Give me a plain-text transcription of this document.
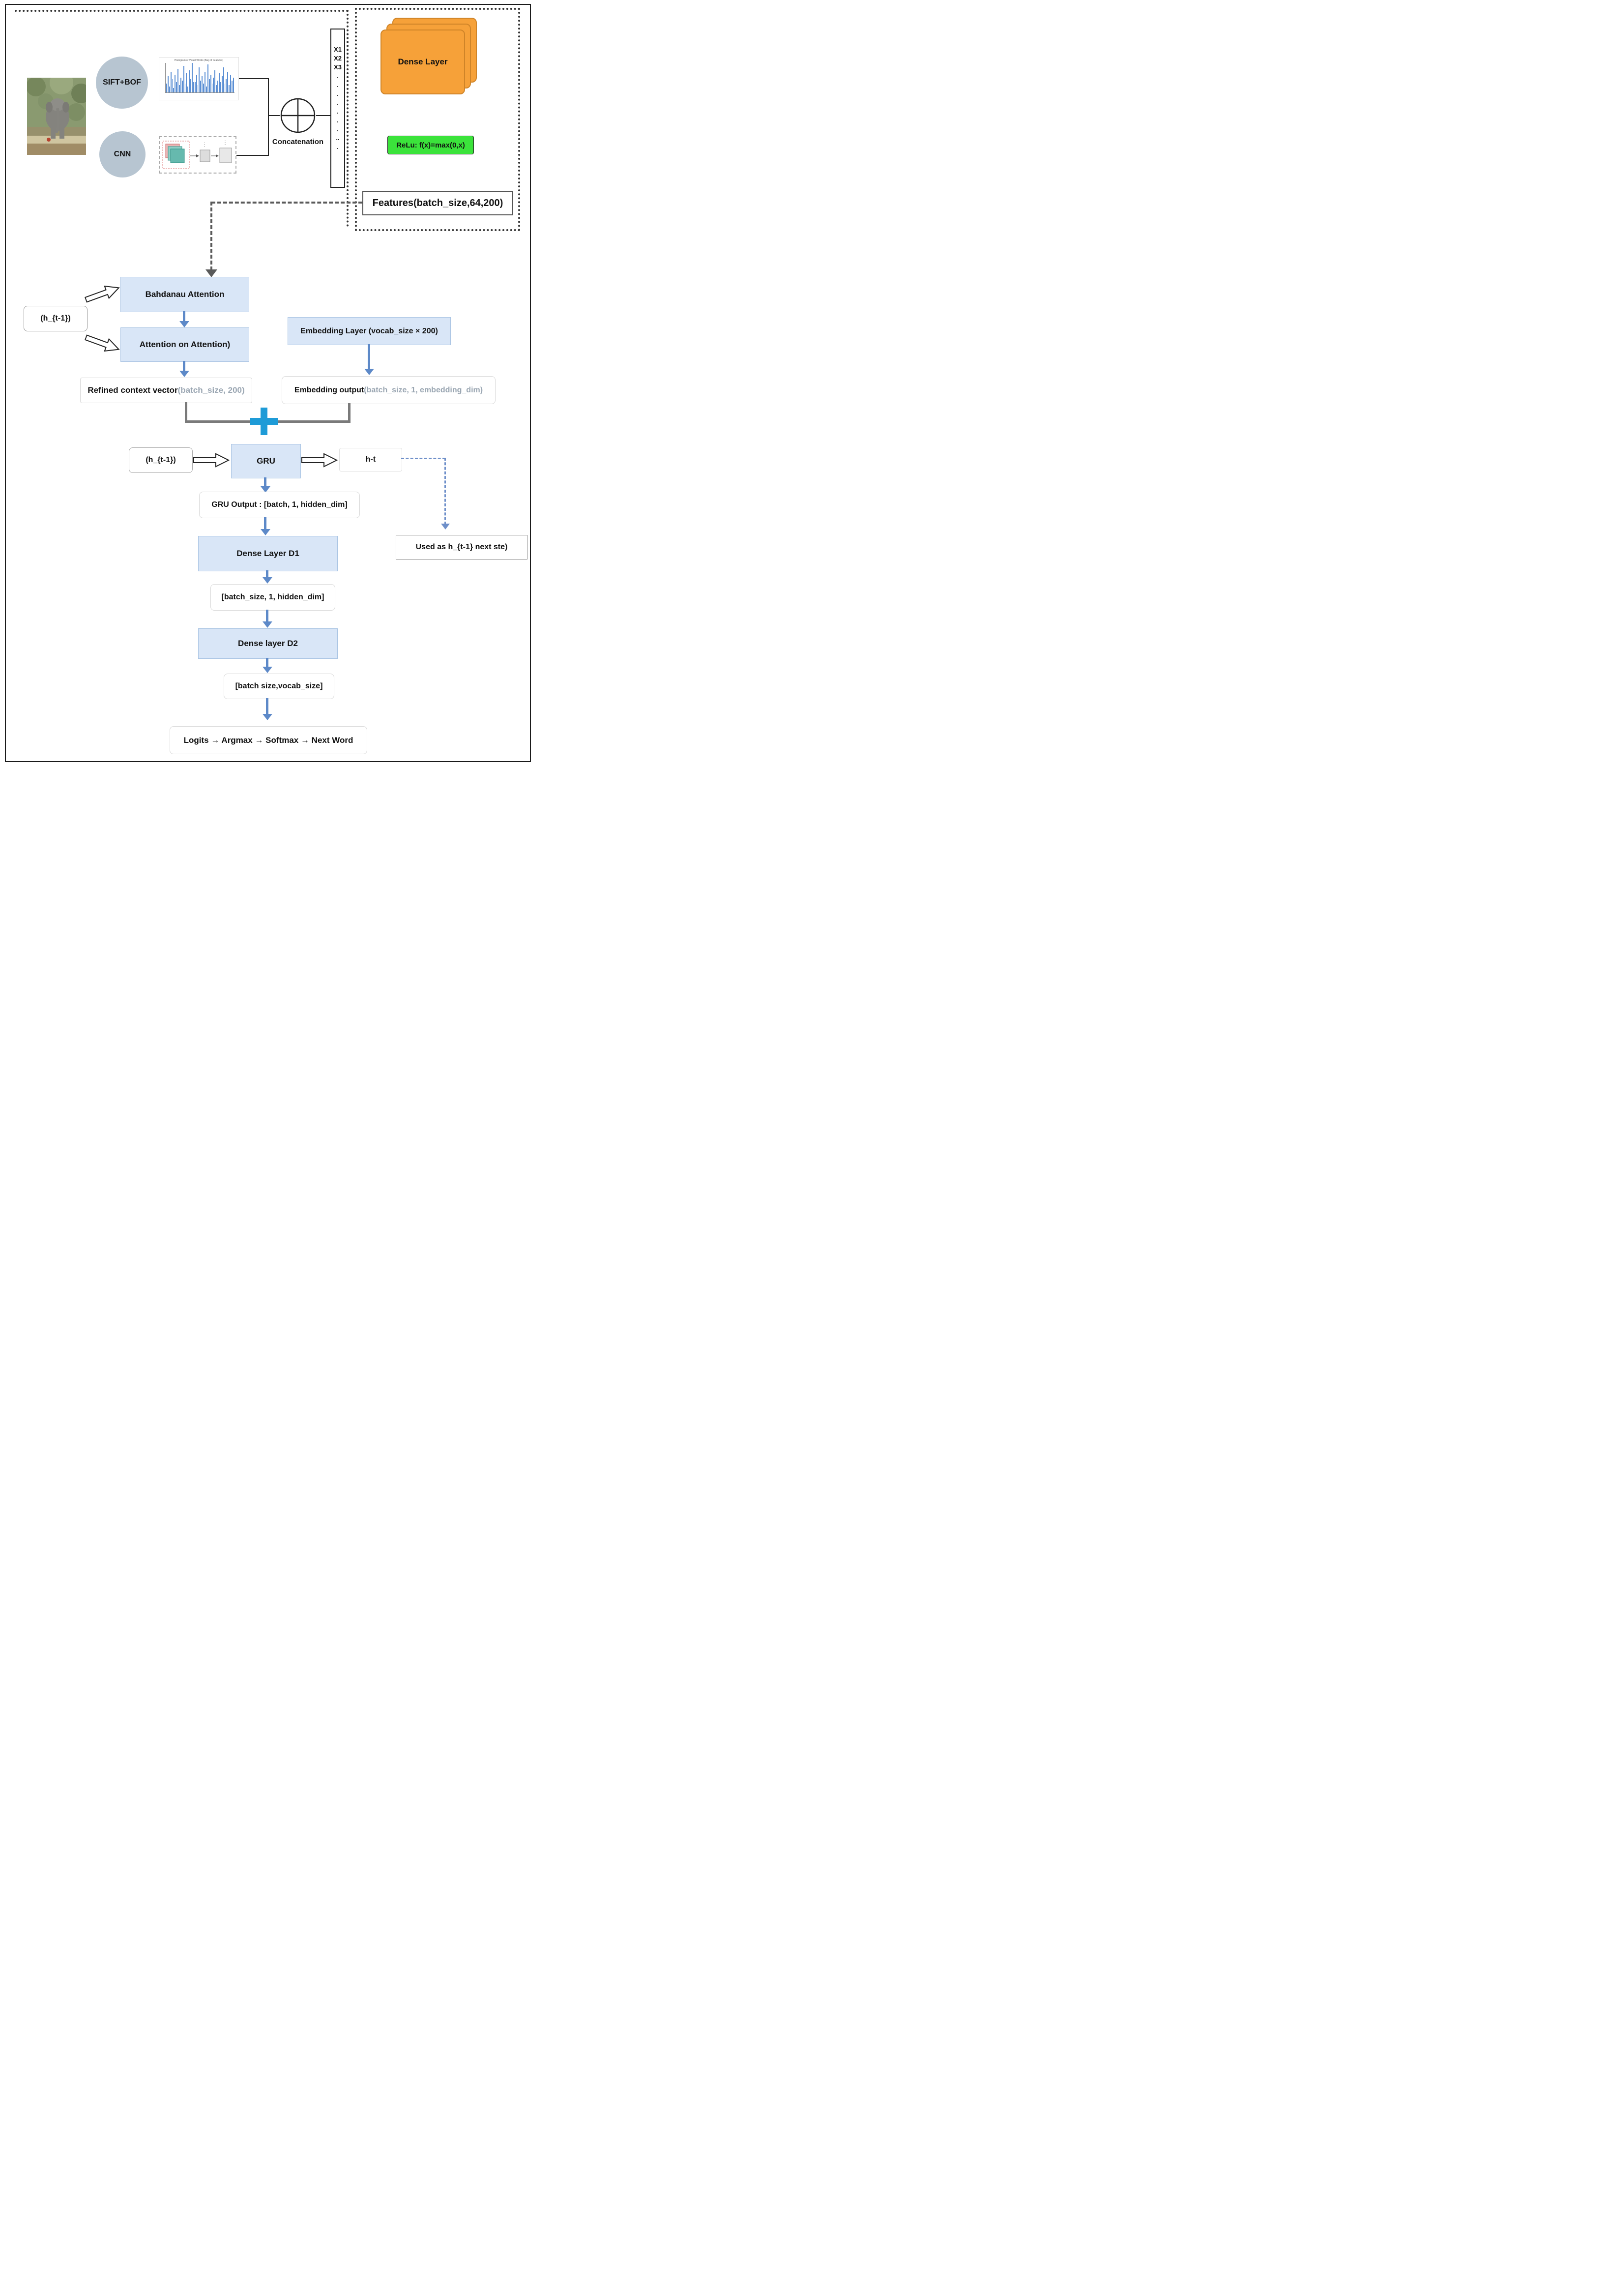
SIFT+BOF
CNN
Histogram of Visual Words (Bag of Features)
⋮	⋮	Concatenation
X1
X2
X3
.
.
.
.
.
.
.
..
.
Dense Layer
ReLu: f(x)=max(0,x)
Features(batch_size,64,200)
Bahdanau Attention
(h_{t-1})
Attention on Attention)
Refined context vector (batch_size, 200)
Embedding Layer (vocab_size × 200)
Embedding output (batch_size, 1, embedding_dim)
(h_{t-1})	GRU	h-t
Used as h_{t-1} next ste)
GRU Output : [batch, 1, hidden_dim]
Dense Layer D1
[batch_size, 1, hidden_dim]
Dense layer D2
[batch size,vocab_size]
Logits → Argmax → Softmax → Next Word
